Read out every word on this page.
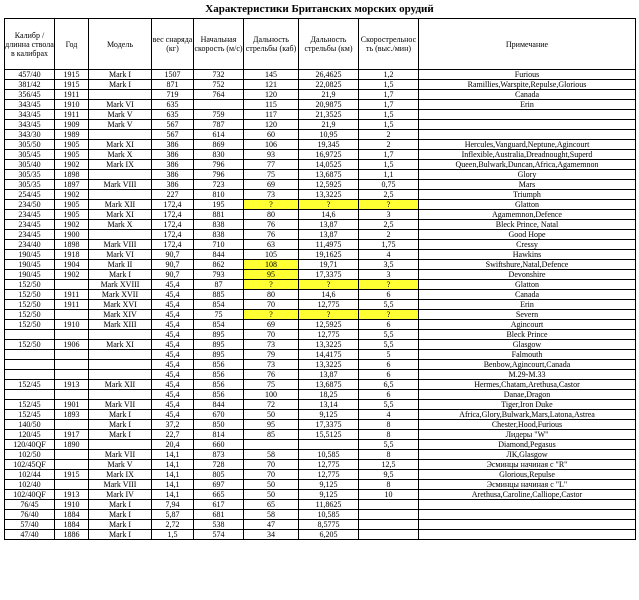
Характеристики Британских морских орудий
Калибр /длинна ствола в калибрах	Год	Модель	вес снаряда (кг)	Начальная скорость (м/с)	Дальность стрельбы (каб)	Дальность стрельбы (км)	Скорострельнос ть (выс./мин)	Примечание
457/40	1915	Mark I	1507	732	145	26,4625	1,2	Furious
381/42	1915	Mark I	871	752	121	22,0825	1,5	Ramillies,Warspite,Repulse,Glorious
356/45	1911		719	764	120	21,9	1,7	Canada
343/45	1910	Mark VI	635		115	20,9875	1,7	Erin
343/45	1911	Mark V	635	759	117	21,3525	1,5	
343/45	1909	Mark V	567	787	120	21,9	1,5	
343/30	1989		567	614	60	10,95	2	
305/50	1905	Mark XI	386	869	106	19,345	2	Hercules,Vanguard,Neptune,Agincourt
305/45	1905	Mark X	386	830	93	16,9725	1,7	Inflexible,Australia,Dreadnought,Superd
305/40	1902	Mark IX	386	796	77	14,0525	1,5	Queen,Bulwark,Duncan,Africa,Agamemnon
305/35	1898		386	796	75	13,6875	1,1	Glory
305/35	1897	Mark VIII	386	723	69	12,5925	0,75	Mars
254/45	1902		227	810	73	13,3225	2,5	Triumph
234/50	1905	Mark XII	172,4	195	?	?	?	Glatton
234/45	1905	Mark XI	172,4	881	80	14,6	3	Agamemnon,Defence
234/45	1902	Mark X	172,4	838	76	13,87	2,5	Bleck Prince, Natal
234/45	1900		172,4	838	76	13,87	2	Good Hope
234/40	1898	Mark VIII	172,4	710	63	11,4975	1,75	Cressy
190/45	1918	Mark VI	90,7	844	105	19,1625	4	Hawkins
190/45	1904	Mark II	90,7	862	108	19,71	3,5	Swiftshure,Natal,Defence
190/45	1902	Mark I	90,7	793	95	17,3375	3	Devonshire
152/50		Mark XVIII	45,4	87	?	?	?	Glatton
152/50	1911	Mark XVII	45,4	885	80	14,6	6	Canada
152/50	1911	Mark XVI	45,4	854	70	12,775	5,5	Erin
152/50		Mark XIV	45,4	75	?	?	?	Severn
152/50	1910	Mark XIII	45,4	854	69	12,5925	6	Agincourt
			45,4	895	70	12,775	5,5	Bleck Prince
152/50	1906	Mark XI	45,4	895	73	13,3225	5,5	Glasgow
			45,4	895	79	14,4175	5	Falmouth
			45,4	856	73	13,3225	6	Benbow,Agincourt,Canada
			45,4	856	76	13,87	6	M.29-M.33
152/45	1913	Mark XII	45,4	856	75	13,6875	6,5	Hermes,Chatam,Arethusa,Castor
			45,4	856	100	18,25	6	Danae,Dragon
152/45	1901	Mark VII	45,4	844	72	13,14	5,5	Tiger,Iron Duke
152/45	1893	Mark I	45,4	670	50	9,125	4	Africa,Glory,Bulwark,Mars,Latona,Astrea
140/50		Mark I	37,2	850	95	17,3375	8	Chester,Hood,Furious
120/45	1917	Mark I	22,7	814	85	15,5125	8	Лидеры "W"
120/40QF	1890		20,4	660			5,5	Diamond,Pegasus
102/50		Mark VII	14,1	873	58	10,585	8	ЛК,Glasgow
102/45QF		Mark V	14,1	728	70	12,775	12,5	Эсминцы начиная с "R"
102/44	1915	Mark IX	14,1	805	70	12,775	9,5	Glorious,Repulse
102/40		Mark VIII	14,1	697	50	9,125	8	Эсминцы начиная с "L"
102/40QF	1913	Mark IV	14,1	665	50	9,125	10	Arethusa,Caroline,Calliope,Castor
76/45	1910	Mark I	7,94	617	65	11,8625		
76/40	1884	Mark I	5,87	681	58	10,585		
57/40	1884	Mark I	2,72	538	47	8,5775		
47/40	1886	Mark I	1,5	574	34	6,205		
